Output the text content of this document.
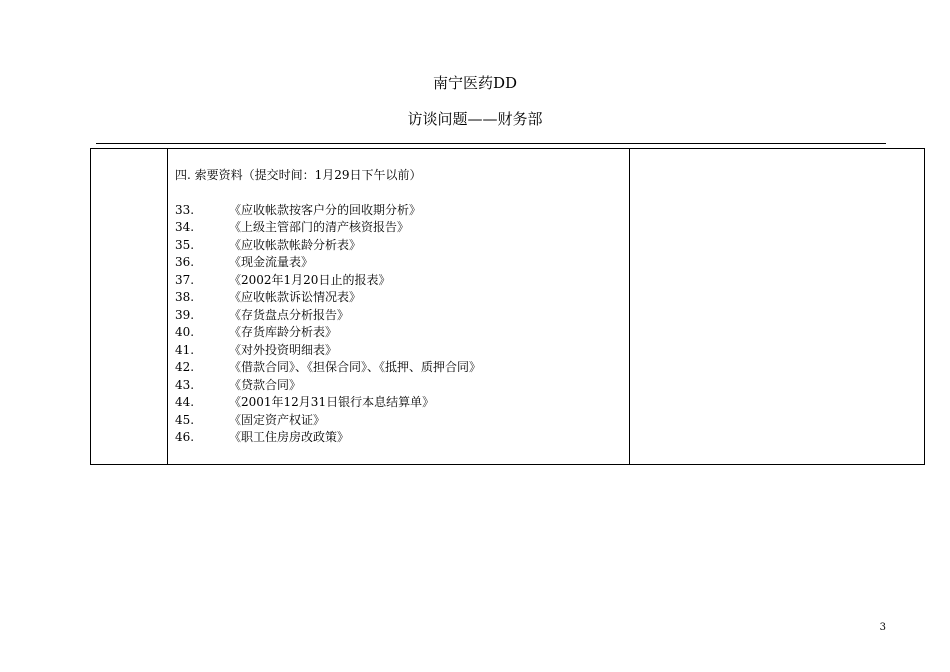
南宁医药DD
访谈问题——财务部
四. 索要资料（提交时间：1月29日下午以前）
33.	《应收帐款按客户分的回收期分析》
34.	《上级主管部门的清产核资报告》
35.	《应收帐款帐龄分析表》
36.	《现金流量表》
37.	《2002年1月20日止的报表》
38.	《应收帐款诉讼情况表》
39.	《存货盘点分析报告》
40.	《存货库龄分析表》
41.	《对外投资明细表》
42.	《借款合同》、《担保合同》、《抵押、质押合同》
43.	《贷款合同》
44.	《2001年12月31日银行本息结算单》
45.	《固定资产权证》
46.	《职工住房房改政策》
3
